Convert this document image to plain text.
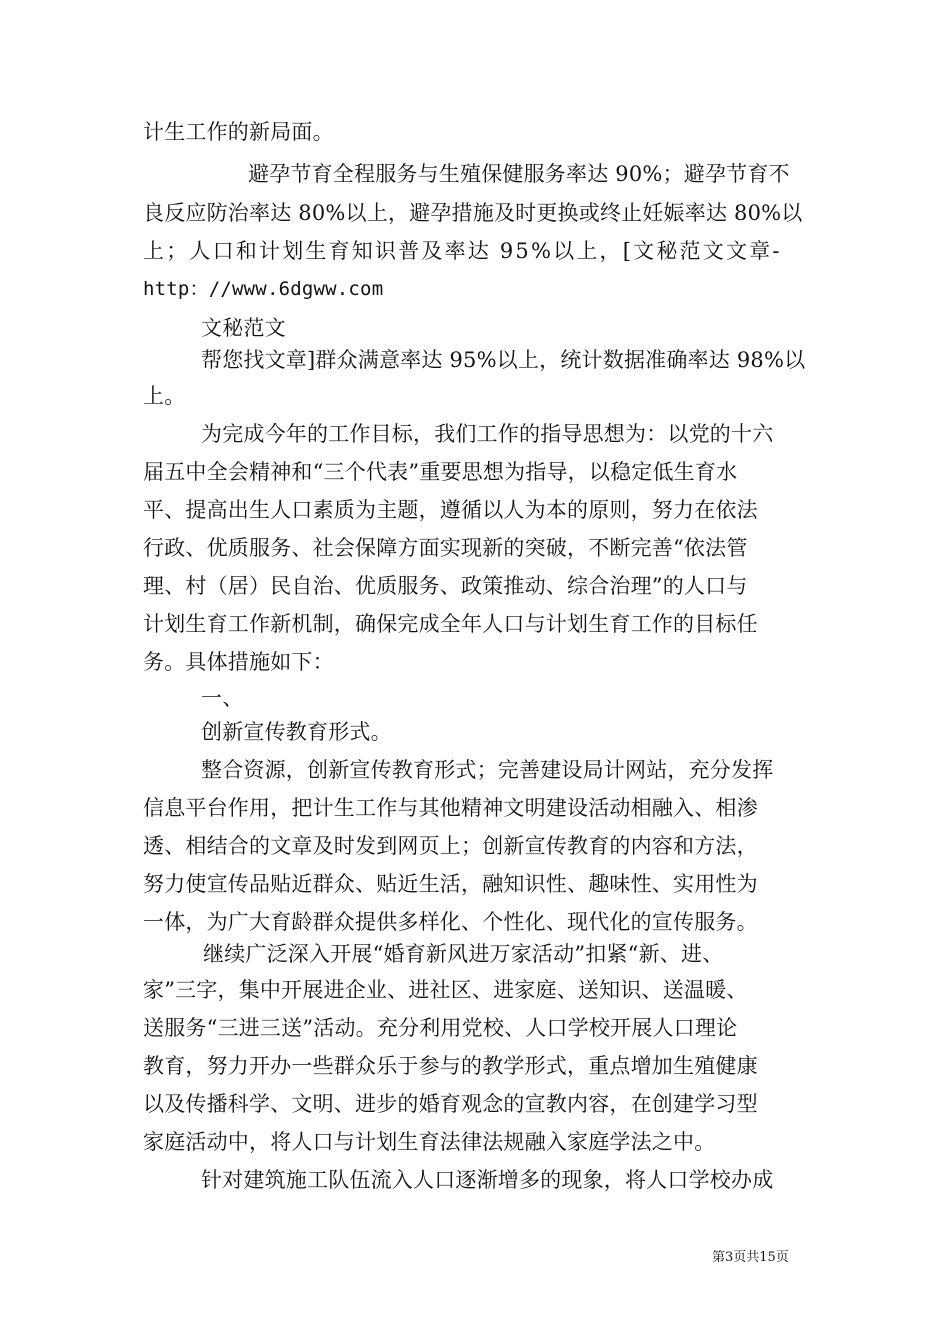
计生工作的新局面。
避孕节育全程服务与生殖保健服务率达 90%；避孕节育不
良反应防治率达 80%以上，避孕措施及时更换或终止妊娠率达 80%以
上；人口和计划生育知识普及率达 95%以上，[文秘范文文章-
http：//www.6dgww.com
文秘范文
帮您找文章]群众满意率达 95%以上，统计数据准确率达 98%以
上。
为完成今年的工作目标，我们工作的指导思想为：以党的十六
届五中全会精神和“三个代表”重要思想为指导，以稳定低生育水
平、提高出生人口素质为主题，遵循以人为本的原则，努力在依法
行政、优质服务、社会保障方面实现新的突破，不断完善“依法管
理、村（居）民自治、优质服务、政策推动、综合治理”的人口与
计划生育工作新机制，确保完成全年人口与计划生育工作的目标任
务。具体措施如下：
一、
创新宣传教育形式。
整合资源，创新宣传教育形式；完善建设局计网站，充分发挥
信息平台作用，把计生工作与其他精神文明建设活动相融入、相渗
透、相结合的文章及时发到网页上；创新宣传教育的内容和方法，
努力使宣传品贴近群众、贴近生活，融知识性、趣味性、实用性为
一体，为广大育龄群众提供多样化、个性化、现代化的宣传服务。
继续广泛深入开展“婚育新风进万家活动”扣紧“新、进、
家”三字，集中开展进企业、进社区、进家庭、送知识、送温暖、
送服务“三进三送”活动。充分利用党校、人口学校开展人口理论
教育，努力开办一些群众乐于参与的教学形式，重点增加生殖健康
以及传播科学、文明、进步的婚育观念的宣教内容，在创建学习型
家庭活动中，将人口与计划生育法律法规融入家庭学法之中。
针对建筑施工队伍流入人口逐渐增多的现象，将人口学校办成
第3页共15页
